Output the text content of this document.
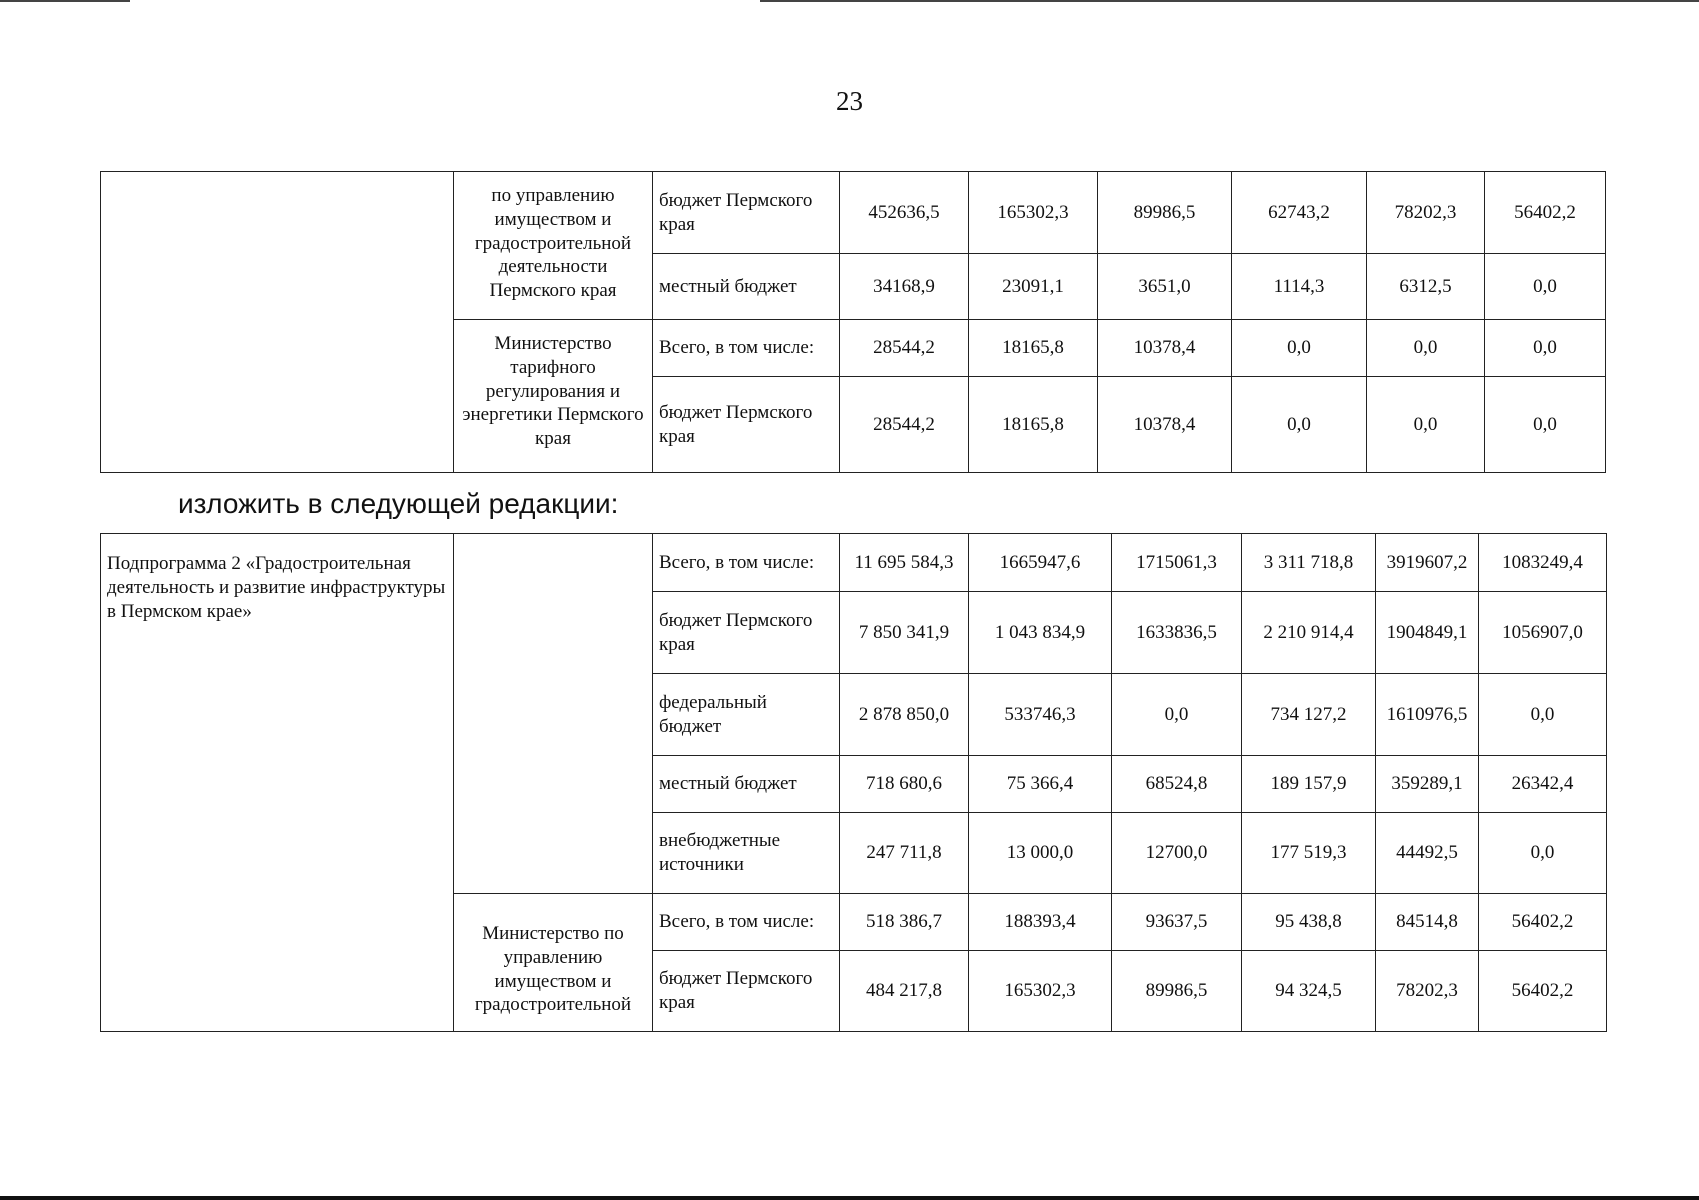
23
	по управлению имуществом и градостроительной деятельности Пермского края	бюджет Пермского края	452636,5	165302,3	89986,5	62743,2	78202,3	56402,2
		местный бюджет	34168,9	23091,1	3651,0	1114,3	6312,5	0,0
	Министерство тарифного регулирования и энергетики Пермского края	Всего, в том числе:	28544,2	18165,8	10378,4	0,0	0,0	0,0
		бюджет Пермского края	28544,2	18165,8	10378,4	0,0	0,0	0,0
изложить в следующей редакции:
Подпрограмма 2 «Градостроительная деятельность и развитие инфраструктуры в Пермском крае»		Всего, в том числе:	11 695 584,3	1665947,6	1715061,3	3 311 718,8	3919607,2	1083249,4
		бюджет Пермского края	7 850 341,9	1 043 834,9	1633836,5	2 210 914,4	1904849,1	1056907,0
		федеральный бюджет	2 878 850,0	533746,3	0,0	734 127,2	1610976,5	0,0
		местный бюджет	718 680,6	75 366,4	68524,8	189 157,9	359289,1	26342,4
		внебюджетные источники	247 711,8	13 000,0	12700,0	177 519,3	44492,5	0,0
	Министерство по управлению имуществом и градостроительной	Всего, в том числе:	518 386,7	188393,4	93637,5	95 438,8	84514,8	56402,2
		бюджет Пермского края	484 217,8	165302,3	89986,5	94 324,5	78202,3	56402,2
